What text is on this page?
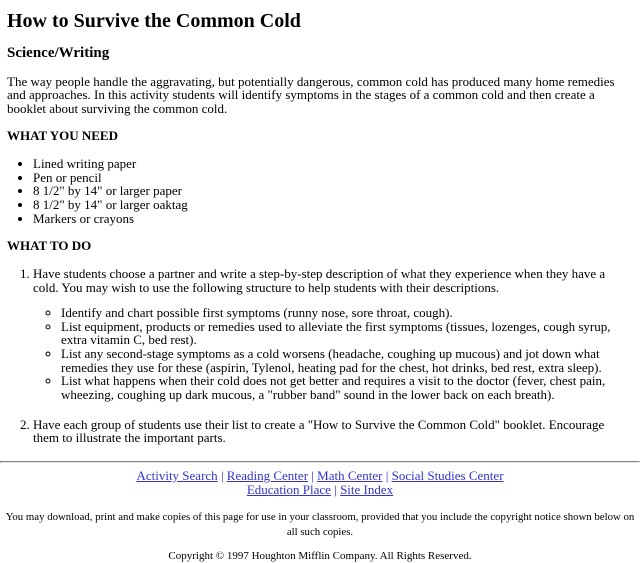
How to Survive the Common Cold
Science/Writing

The way people handle the aggravating, but potentially dangerous, common cold has produced many home remedies and approaches. In this activity students will identify symptoms in the stages of a common cold and then create a booklet about surviving the common cold.

WHAT YOU NEED
• Lined writing paper
• Pen or pencil
• 8 1/2" by 14" or larger paper
• 8 1/2" by 14" or larger oaktag
• Markers or crayons
WHAT TO DO
1. Have students choose a partner and write a step-by-step description of what they experience when they have a cold. You may wish to use the following structure to help students with their descriptions.
◦ Identify and chart possible first symptoms (runny nose, sore throat, cough).
◦ List equipment, products or remedies used to alleviate the first symptoms (tissues, lozenges, cough syrup, extra vitamin C, bed rest).
◦ List any second-stage symptoms as a cold worsens (headache, coughing up mucous) and jot down what remedies they use for these (aspirin, Tylenol, heating pad for the chest, hot drinks, bed rest, extra sleep).
◦ List what happens when their cold does not get better and requires a visit to the doctor (fever, chest pain, wheezing, coughing up dark mucous, a "rubber band" sound in the lower back on each breath).
2. Have each group of students use their list to create a "How to Survive the Common Cold" booklet. Encourage them to illustrate the important parts.
Activity Search | Reading Center | Math Center | Social Studies Center
Education Place | Site Index

You may download, print and make copies of this page for use in your classroom, provided that you include the copyright notice shown below on all such copies.

Copyright © 1997 Houghton Mifflin Company. All Rights Reserved.
